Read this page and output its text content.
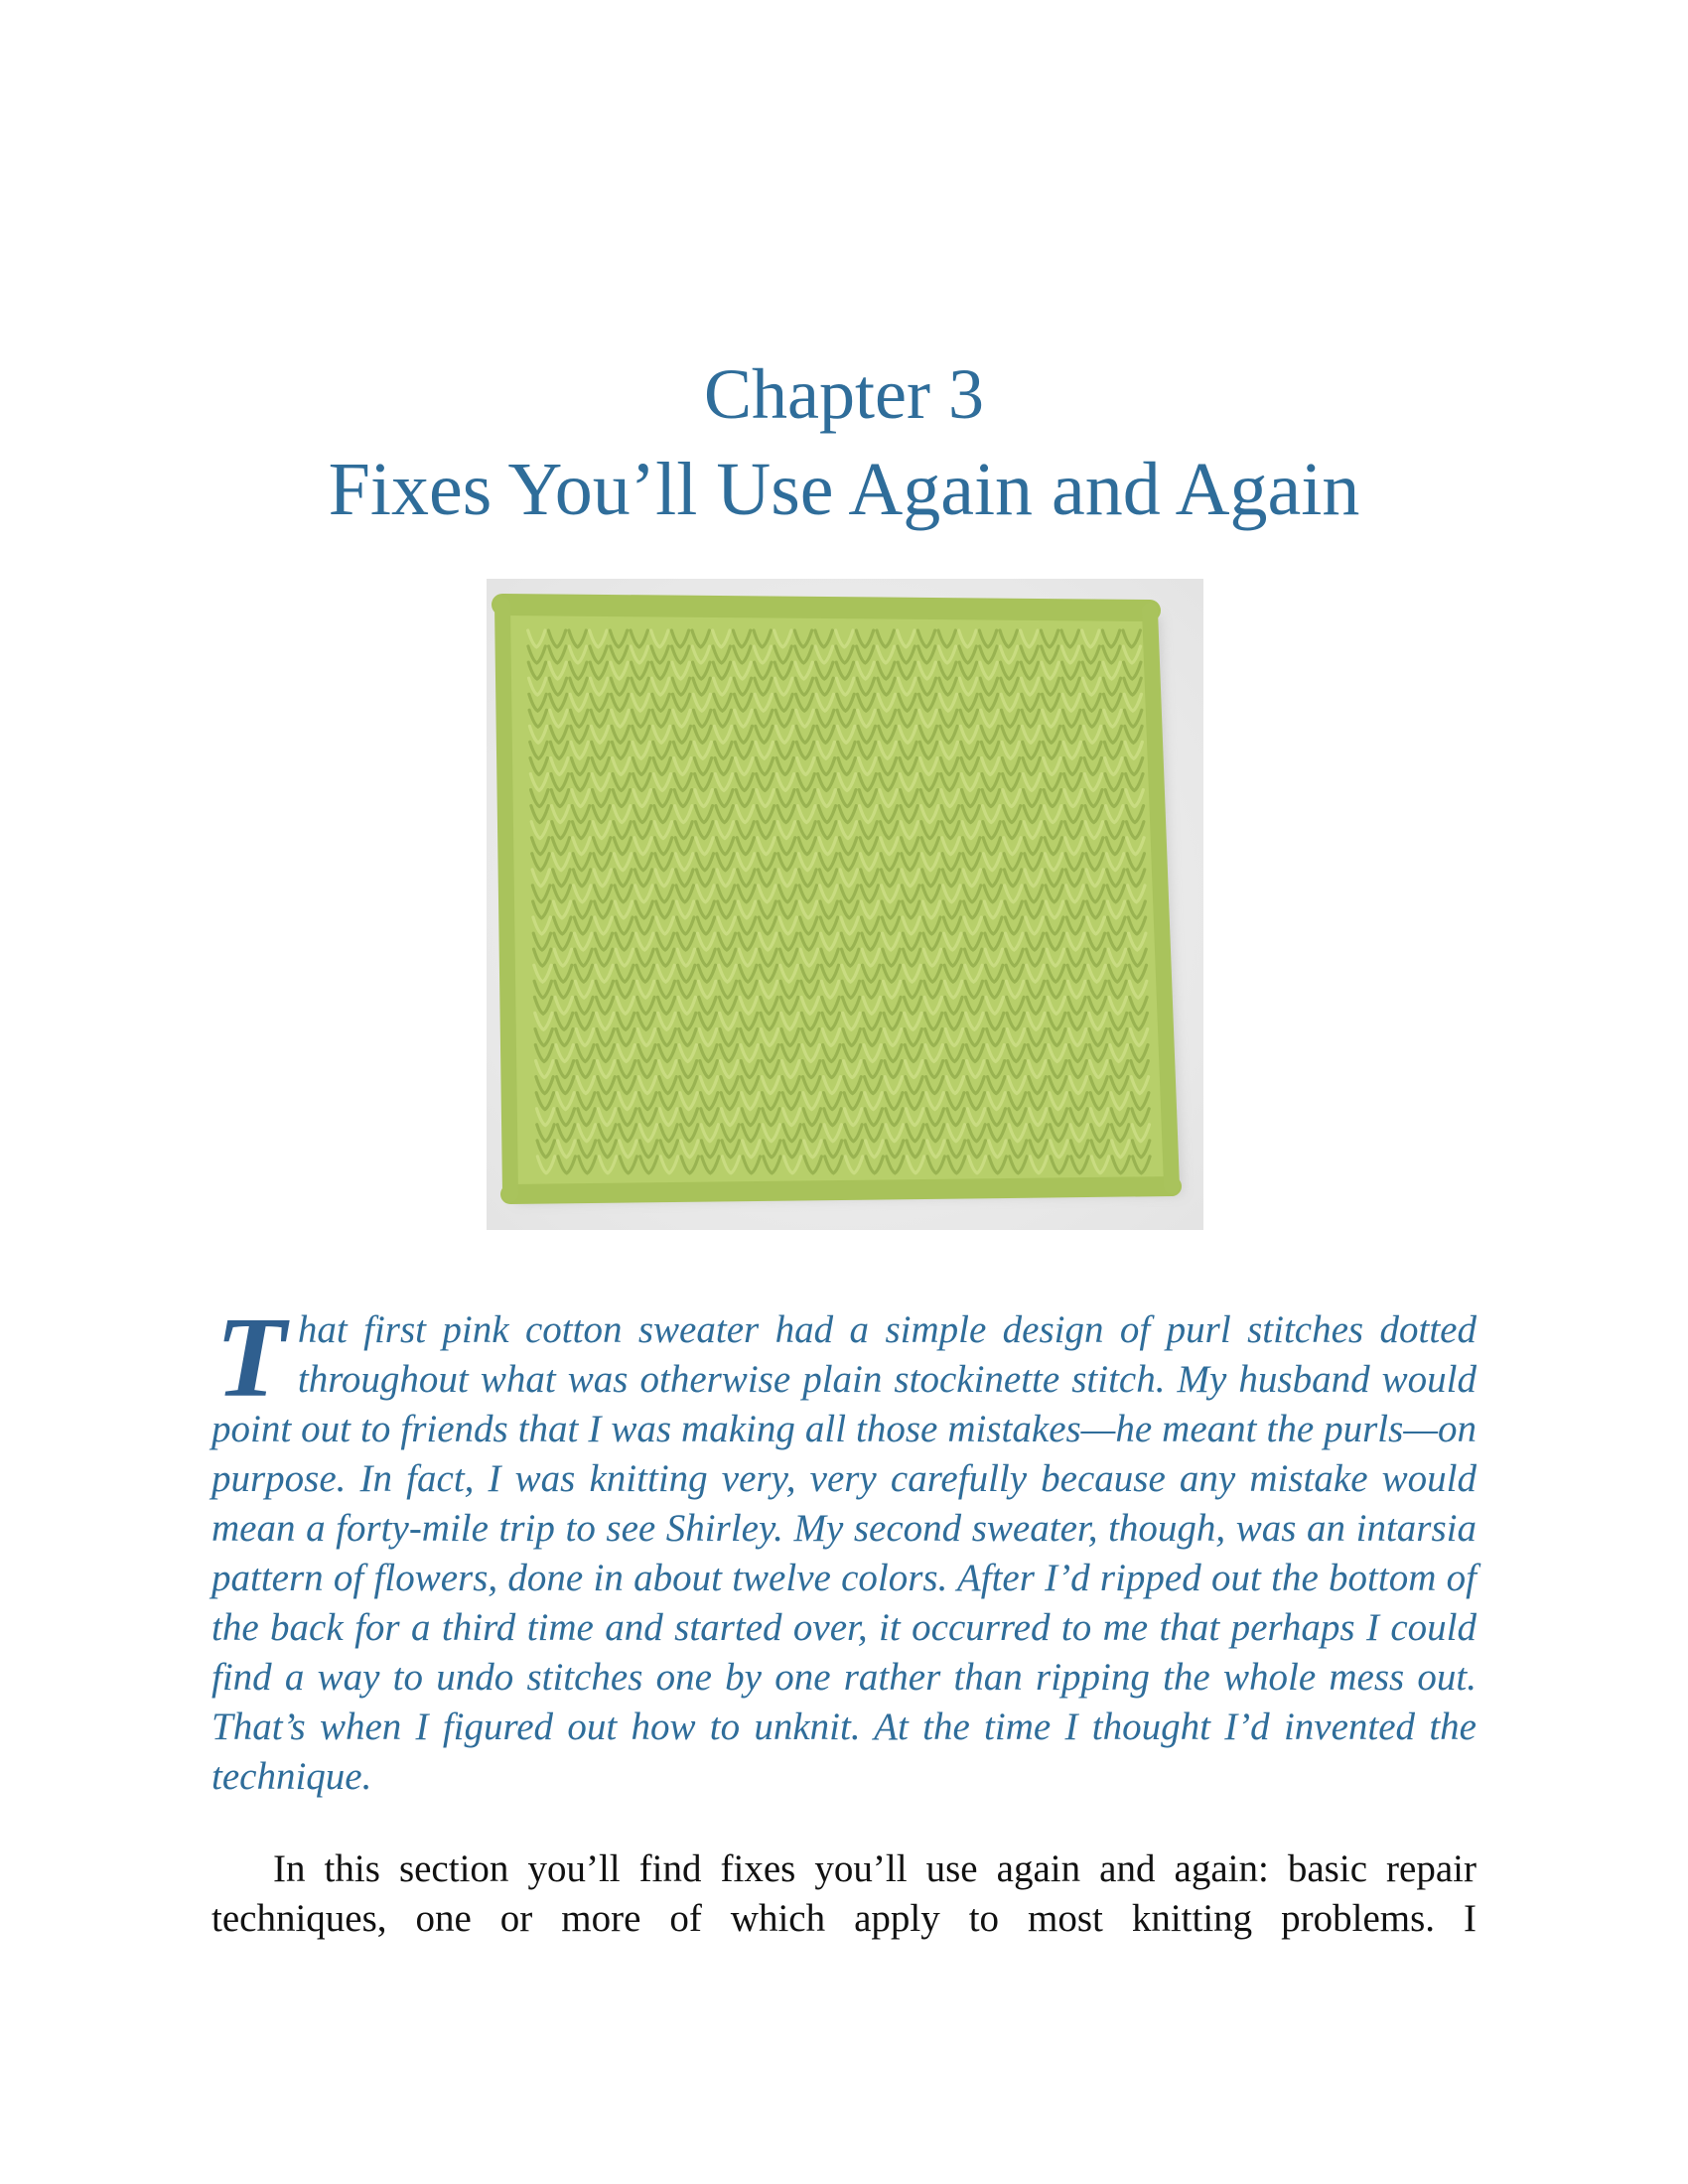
Chapter 3
Fixes You’ll Use Again and Again
That first pink cotton sweater had a simple design of purl stitches dotted throughout what was otherwise plain stockinette stitch. My husband would point out to friends that I was making all those mistakes—he meant the purls—on purpose. In fact, I was knitting very, very carefully because any mistake would mean a forty-mile trip to see Shirley. My second sweater, though, was an intarsia pattern of flowers, done in about twelve colors. After I’d ripped out the bottom of the back for a third time and started over, it occurred to me that perhaps I could find a way to undo stitches one by one rather than ripping the whole mess out. That’s when I figured out how to unknit. At the time I thought I’d invented the technique.
In this section you’ll find fixes you’ll use again and again: basic repair techniques, one or more of which apply to most knitting problems. I
